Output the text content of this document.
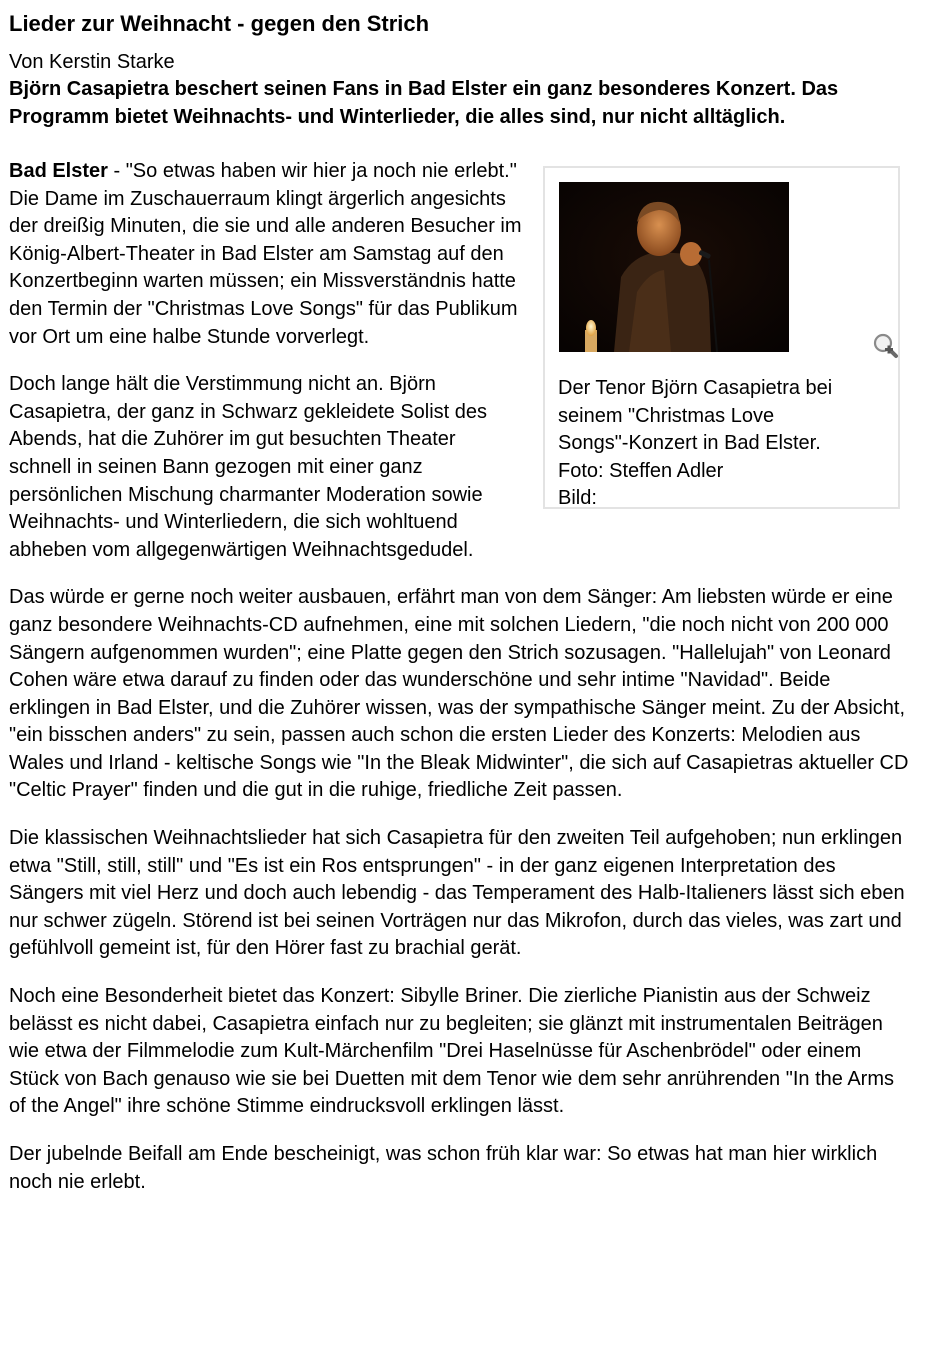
Lieder zur Weihnacht - gegen den Strich
Von Kerstin Starke

Björn Casapietra beschert seinen Fans in Bad Elster ein ganz besonderes Konzert. Das Programm bietet Weihnachts- und Winterlieder, die alles sind, nur nicht alltäglich.

Der Tenor Björn Casapietra bei
seinem "Christmas Love
Songs"-Konzert in Bad Elster.
Foto: Steffen Adler
Bild:

Bad Elster - "So etwas haben wir hier ja noch nie erlebt." Die Dame im Zuschauerraum klingt ärgerlich angesichts der dreißig Minuten, die sie und alle anderen Besucher im König-Albert-Theater in Bad Elster am Samstag auf den Konzertbeginn warten müssen; ein Missverständnis hatte den Termin der "Christmas Love Songs" für das Publikum vor Ort um eine halbe Stunde vorverlegt.

Doch lange hält die Verstimmung nicht an. Björn Casapietra, der ganz in Schwarz gekleidete Solist des Abends, hat die Zuhörer im gut besuchten Theater schnell in seinen Bann gezogen mit einer ganz persönlichen Mischung charmanter Moderation sowie Weihnachts- und Winterliedern, die sich wohltuend abheben vom allgegenwärtigen Weihnachtsgedudel.

Das würde er gerne noch weiter ausbauen, erfährt man von dem Sänger: Am liebsten würde er eine ganz besondere Weihnachts-CD aufnehmen, eine mit solchen Liedern, "die noch nicht von 200 000 Sängern aufgenommen wurden"; eine Platte gegen den Strich sozusagen. "Hallelujah" von Leonard Cohen wäre etwa darauf zu finden oder das wunderschöne und sehr intime "Navidad". Beide erklingen in Bad Elster, und die Zuhörer wissen, was der sympathische Sänger meint. Zu der Absicht, "ein bisschen anders" zu sein, passen auch schon die ersten Lieder des Konzerts: Melodien aus Wales und Irland - keltische Songs wie "In the Bleak Midwinter", die sich auf Casapietras aktueller CD "Celtic Prayer" finden und die gut in die ruhige, friedliche Zeit passen.

Die klassischen Weihnachtslieder hat sich Casapietra für den zweiten Teil aufgehoben; nun erklingen etwa "Still, still, still" und "Es ist ein Ros entsprungen" - in der ganz eigenen Interpretation des Sängers mit viel Herz und doch auch lebendig - das Temperament des Halb-Italieners lässt sich eben nur schwer zügeln. Störend ist bei seinen Vorträgen nur das Mikrofon, durch das vieles, was zart und gefühlvoll gemeint ist, für den Hörer fast zu brachial gerät.

Noch eine Besonderheit bietet das Konzert: Sibylle Briner. Die zierliche Pianistin aus der Schweiz belässt es nicht dabei, Casapietra einfach nur zu begleiten; sie glänzt mit instrumentalen Beiträgen wie etwa der Filmmelodie zum Kult-Märchenfilm "Drei Haselnüsse für Aschenbrödel" oder einem Stück von Bach genauso wie sie bei Duetten mit dem Tenor wie dem sehr anrührenden "In the Arms of the Angel" ihre schöne Stimme eindrucksvoll erklingen lässt.

Der jubelnde Beifall am Ende bescheinigt, was schon früh klar war: So etwas hat man hier wirklich noch nie erlebt.
